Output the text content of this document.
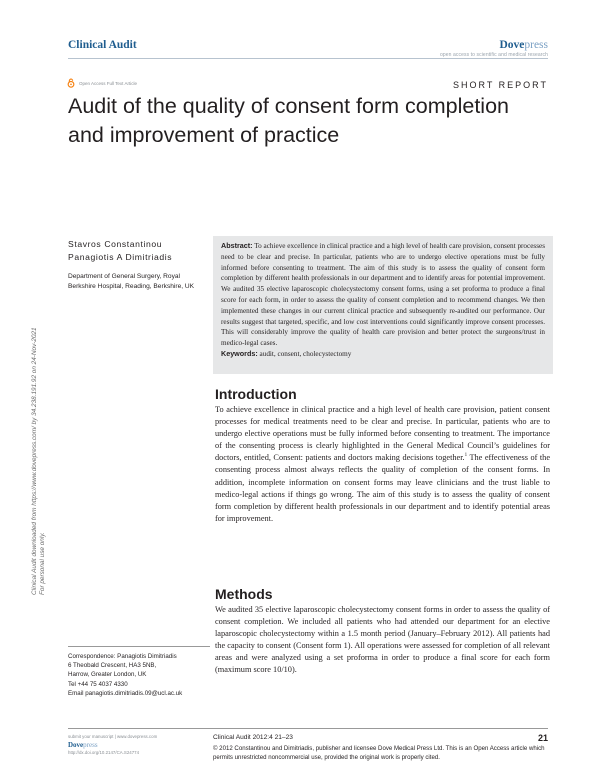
Clinical Audit	Dovepress
open access to scientific and medical research
Open Access Full Text Article	SHORT REPORT
Audit of the quality of consent form completion and improvement of practice
Clinical Audit downloaded from https://www.dovepress.com/ by 34.238.191.92 on 24-Nov-2021 For personal use only.
Stavros Constantinou
Panagiotis A Dimitriadis
Department of General Surgery, Royal Berkshire Hospital, Reading, Berkshire, UK
Abstract: To achieve excellence in clinical practice and a high level of health care provision, consent processes need to be clear and precise. In particular, patients who are to undergo elective operations must be fully informed before consenting to treatment. The aim of this study is to assess the quality of consent form completion by different health professionals in our department and to identify areas for potential improvement. We audited 35 elective laparoscopic cholecystectomy consent forms, using a set proforma to produce a final score for each form, in order to assess the quality of consent completion and to recommend changes. We then implemented these changes in our current clinical practice and subsequently re-audited our performance. Our results suggest that targeted, specific, and low cost interventions could significantly improve consent processes. This will considerably improve the quality of health care provision and better protect the surgeons/trust in medico-legal cases.
Keywords: audit, consent, cholecystectomy
Introduction
To achieve excellence in clinical practice and a high level of health care provision, patient consent processes for medical treatments need to be clear and precise. In particular, patients who are to undergo elective operations must be fully informed before consenting to treatment. The importance of the consenting process is clearly highlighted in the General Medical Council’s guidelines for doctors, entitled, Consent: patients and doctors making decisions together.$^1$ The effectiveness of the consenting process almost always reflects the quality of completion of the consent forms. In addition, incomplete information on consent forms may leave clinicians and the trust liable to medico-legal actions if things go wrong. The aim of this study is to assess the quality of consent form completion by different health professionals in our department and to identify potential areas for improvement.
Methods
We audited 35 elective laparoscopic cholecystectomy consent forms in order to assess the quality of consent completion. We included all patients who had attended our department for an elective laparoscopic cholecystectomy within a 1.5 month period (January–February 2012). All patients had the capacity to consent (Consent form 1). All operations were assessed for completion of all relevant areas and were analyzed using a set proforma in order to produce a final score for each form (maximum score 10/10).
Correspondence: Panagiotis Dimitriadis
6 Theobald Crescent, HA3 5NB,
Harrow, Greater London, UK
Tel +44 75 4037 4330
Email panagiotis.dimitriadis.09@ucl.ac.uk
submit your manuscript | www.dovepress.com
Dovepress
http://dx.doi.org/10.2147/CA.S24774
Clinical Audit 2012:4 21–23	21
© 2012 Constantinou and Dimitriadis, publisher and licensee Dove Medical Press Ltd. This is an Open Access article which permits unrestricted noncommercial use, provided the original work is properly cited.
